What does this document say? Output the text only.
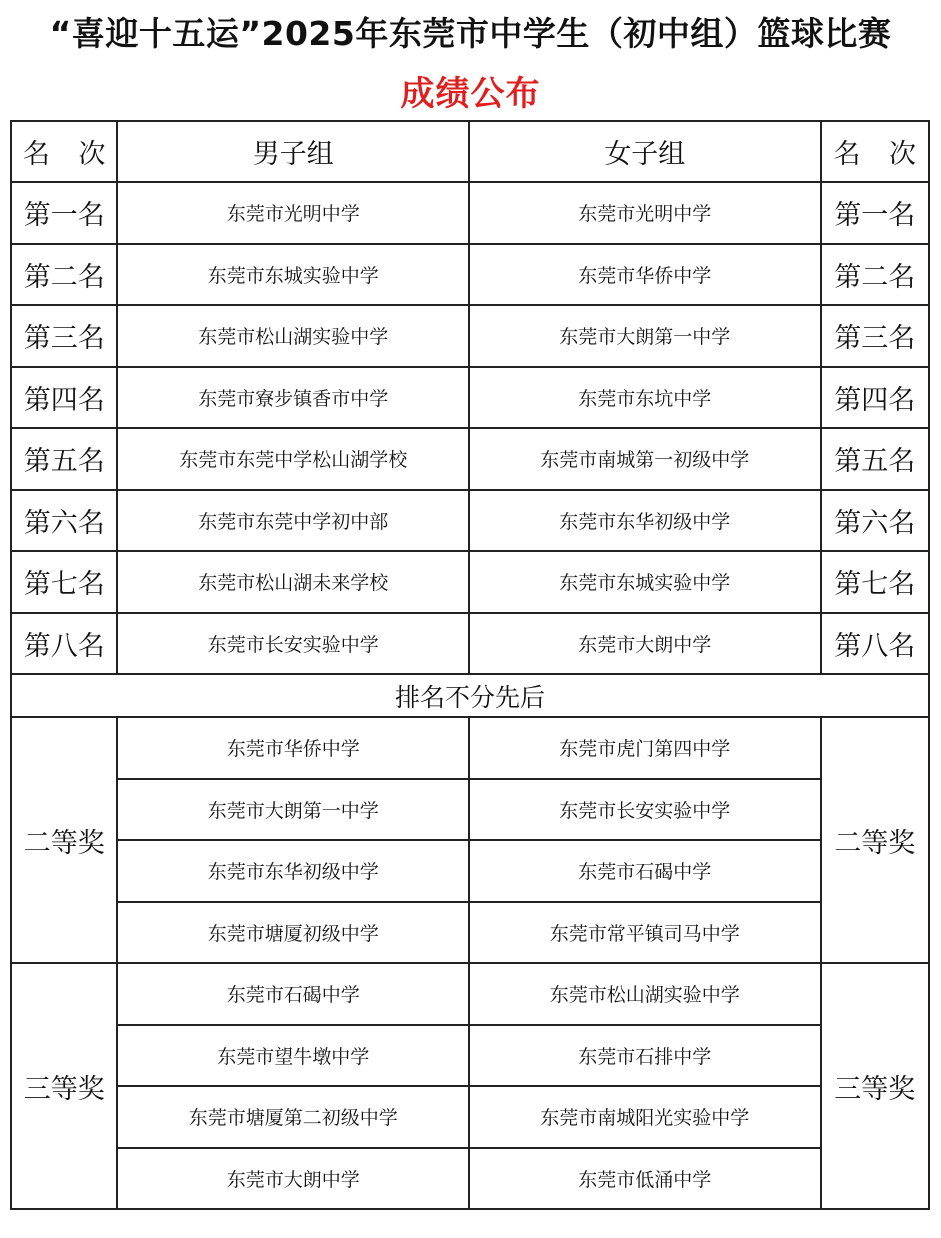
“喜迎十五运”2025年东莞市中学生（初中组）篮球比赛
成绩公布
名 次	男子组	女子组	名 次
第一名	东莞市光明中学	东莞市光明中学	第一名
第二名	东莞市东城实验中学	东莞市华侨中学	第二名
第三名	东莞市松山湖实验中学	东莞市大朗第一中学	第三名
第四名	东莞市寮步镇香市中学	东莞市东坑中学	第四名
第五名	东莞市东莞中学松山湖学校	东莞市南城第一初级中学	第五名
第六名	东莞市东莞中学初中部	东莞市东华初级中学	第六名
第七名	东莞市松山湖未来学校	东莞市东城实验中学	第七名
第八名	东莞市长安实验中学	东莞市大朗中学	第八名
排名不分先后			
二等奖	东莞市华侨中学	东莞市虎门第四中学	二等奖
	东莞市大朗第一中学	东莞市长安实验中学	
	东莞市东华初级中学	东莞市石碣中学	
	东莞市塘厦初级中学	东莞市常平镇司马中学	
三等奖	东莞市石碣中学	东莞市松山湖实验中学	三等奖
	东莞市望牛墩中学	东莞市石排中学	
	东莞市塘厦第二初级中学	东莞市南城阳光实验中学	
	东莞市大朗中学	东莞市低涌中学	
